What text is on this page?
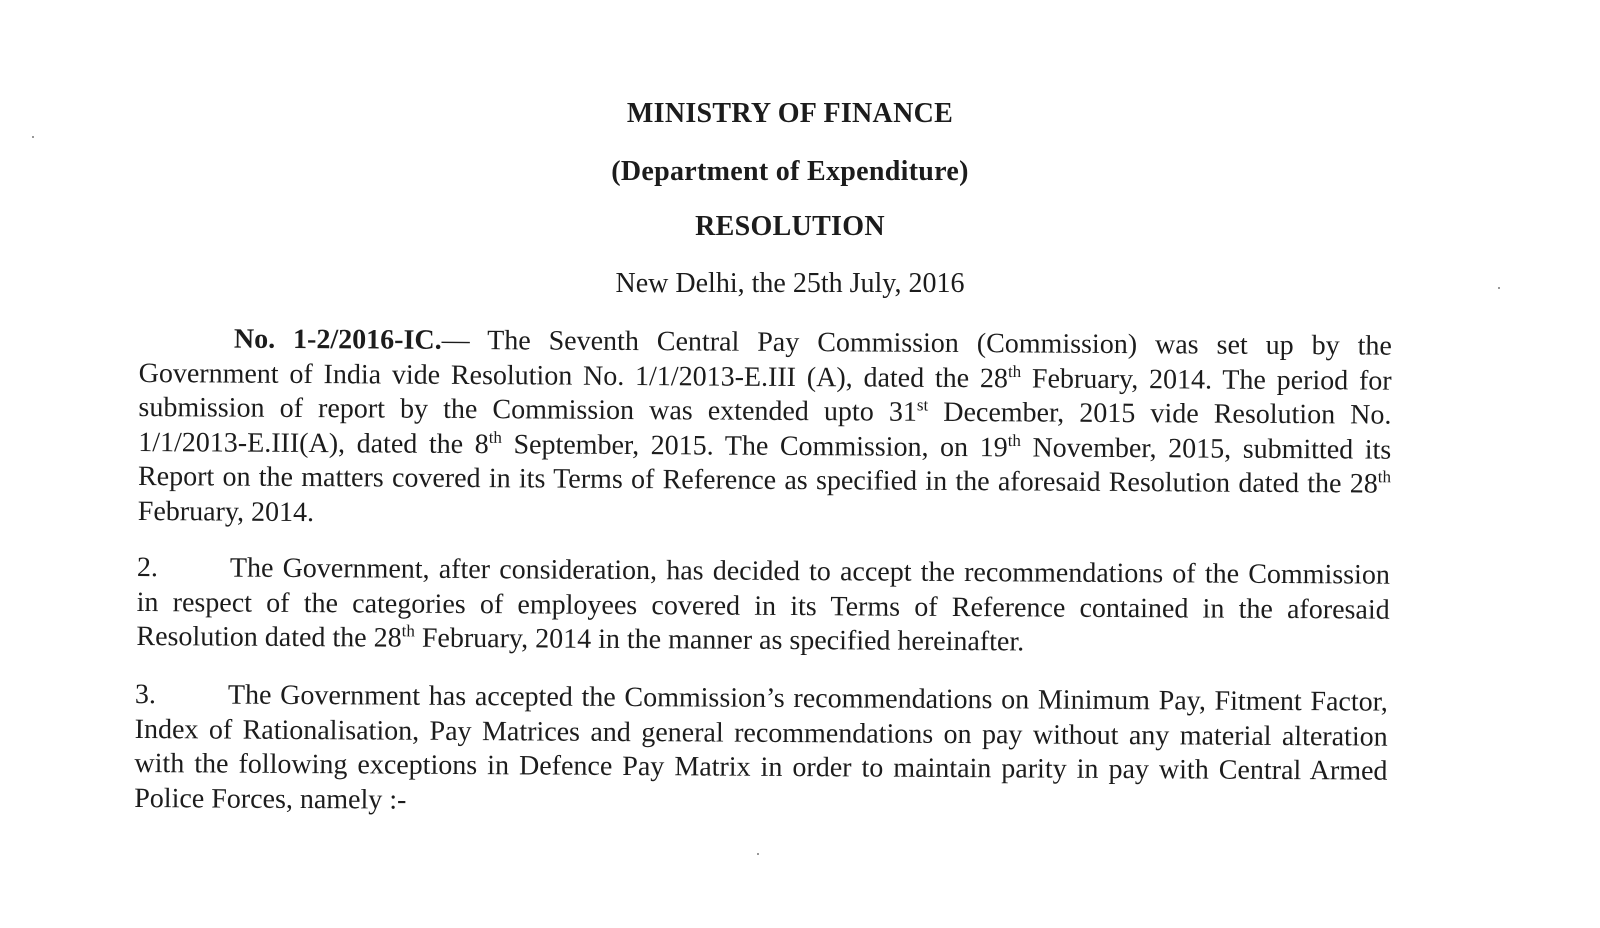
MINISTRY OF FINANCE
(Department of Expenditure)
RESOLUTION
New Delhi, the 25th July, 2016
No. 1-2/2016-IC.— The Seventh Central Pay Commission (Commission) was set up by the Government of India vide Resolution No. 1/1/2013-E.III (A), dated the 28th February, 2014. The period for submission of report by the Commission was extended upto 31st December, 2015 vide Resolution No. 1/1/2013-E.III(A), dated the 8th September, 2015. The Commission, on 19th November, 2015, submitted its Report on the matters covered in its Terms of Reference as specified in the aforesaid Resolution dated the 28th February, 2014.
2.	The Government, after consideration, has decided to accept the recommendations of the Commission in respect of the categories of employees covered in its Terms of Reference contained in the aforesaid Resolution dated the 28th February, 2014 in the manner as specified hereinafter.
3.	The Government has accepted the Commission’s recommendations on Minimum Pay, Fitment Factor, Index of Rationalisation, Pay Matrices and general recommendations on pay without any material alteration with the following exceptions in Defence Pay Matrix in order to maintain parity in pay with Central Armed Police Forces, namely :-
